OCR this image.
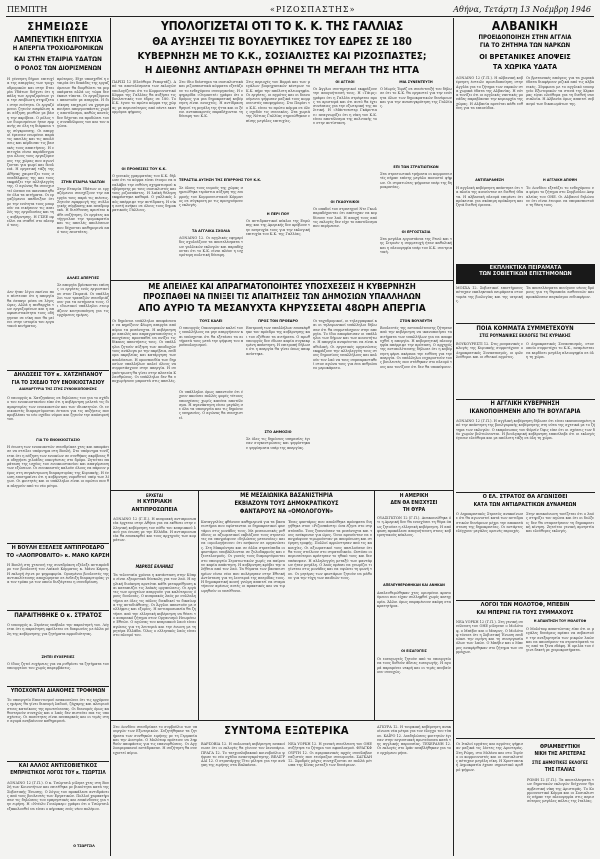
ΠΕΜΠΤΗ	«ΡΙΖΟΣΠΑΣΤΗΣ»	Αθήνα, Τετάρτη 13 Νοέμβρη 1946
ΣΗΜΕΙΩΣΕ
ΛΑΜΠΕΥΤΙΚΗ ΕΠΙΤΥΧΙΑ
Η ΑΠΕΡΓΙΑ ΤΡΟΧΙΟΔΡΟΜΙΚΩΝ
ΚΑΙ ΣΤΗΝ ΕΤΑΙΡΙΑ ΥΔΑΤΩΝ
Ο ΡΟΛΟΣ ΤΩΝ ΔΙΟΡΙΣΜΕΝΩΝ
Η γέννηση δήμου επιτυχία της απεργίας των τροχιοδρομικών και στην Εταιρία Υδάτων δείχνει ότι η πάλη των εργαζομένων για την επιβίωση στηρίζεται στην ενότητα. Οι εργαζόμενοι ζητούν ασφάλιση και αύξηση μισθών με βάση την ακρίβεια. Ο ρόλος των διορισμένων ήταν εμφανής σε όλη τη διάρκεια της σύγκρουσης. Οι απεργοί έμειναν ενωμένοι παρά τις απειλές και τις απολύσεις και κέρδισαν τις βασικές τους απαιτήσεις. Η επιτυχία είναι παράδειγμα για όλους τους εργαζόμενους της χώρας που αγωνίζονται για ψωμί και δουλειά. Η εργατική τάξη της Αθήνας χαιρετίζει τους συναδέλφους της και τους εκφράζει την αλληλεγγύη της. Ο αγώνας θα συνεχιστεί ώσπου να ικανοποιηθούν όλα τα αιτήματα. Οι εργαζόμενοι απέδειξαν ότι με την ενότητα τους μπορούν να νικήσουν τις απειλές της εργοδοσίας και της κυβέρνησης. Η ΓΣΕΕ οφείλει να σταθεί στο πλευρό τους.
πρότερες. Είχε υποσχεθεί η εταιρία ότι δεκάδες της εργαζόμενων θα διορθώσει τα μεροκάματα αλλά ως τώρα δεν έκανε τίποτα. Οι εργαζόμενοι απαντούν με απεργία. Η διοίκηση επιχειρεί να χρησιμοποιήσει απεργοσπάστες χωρίς αποτέλεσμα, καθώς κανείς δεν δέχεται να προδώσει τους συναδέλφους του και τον αγώνα.
ΣΤΗΝ ΕΤΑΙΡΙΑ ΥΔΑΤΩΝ
Στην Εταιρία Υδάτων οι εργαζόμενοι συνεχίζουν την απεργία τους παρά τις πιέσεις. Ζητούν εφαρμογή της συλλογικής σύμβασης και αναδρομικά. Η διεύθυνση αρνείται κάθε συζήτηση. Οι εργάτες κατήγγειλαν την τρομοκρατία και τις απειλές απολύσεων που δέχονται καθημερινά από τους επιστάτες.
ΑΛΛΕΣ ΑΠΕΡΓΙΕΣ
Σε απεργία βρίσκονται επίσης οι εργάτες ενός εργοστασίου στον Πειραιά. Οι υπάλληλοι των τραπεζών συνεδριάζουν για τα αιτήματα τους. Οι ιδιωτικοί υπάλληλοι ετοιμάζουν κινητοποίηση για τις ερχόμενες ημέρες.
Δεν ήταν λίγοι εκείνοι που πίστευαν ότι η απεργία θα έσπαγε μέσα σε λίγες ώρες. Αλλά η πειθαρχία των εργαζομένων και η αποφασιστικότητα τους οδήγησαν σε νίκη που θα μείνει στην ιστορία του εργατικού κινήματος.
ΔΗΛΩΣΕΙΣ ΤΟΥ κ. ΧΑΤΖΗΠΑΝΟΥ
ΓΙΑ ΤΟ ΣΧΕΔΙΟ ΤΟΥ ΕΝΟΙΚΙΟΣΤΑΣΙΟΥ
ΔΙΑΜΑΡΤΥΡΙΑ ΤΗΣ ΣΤΗΣ ΣΥΝΟΙΚΟΠΟΙΗΣΗΣ
Ο υπουργός κ. Χατζηπάνος σε δηλώσεις του για το σχέδιο του ενοικιοστασίου είπε ότι η κυβέρνηση μελετά τις διαμαρτυρίες των ενοικιαστών και των ιδιοκτητών. Οι ενοικιαστές διαμαρτύρονται έντονα για τις αυξήσεις που προβλέπει το νέο σχέδιο νόμου και ζητούν την απόσυρσή του.
ΓΙΑ ΤΟ ΕΝΟΙΚΙΟΣΤΑΣΙΟ
Η ένωση των ενοικιαστών συνεδρίασε χτες και αποφάσισε να στείλει υπόμνημα στη Βουλή. Στο υπόμνημα τονίζεται ότι η αύξηση των ενοικίων σε συνθήκες ακρίβειας θα οδηγήσει χιλιάδες οικογένειες στο δρόμο. Ζητείται παράταση της ισχύος του ενοικιοστασίου και απαγόρευση των εξώσεων. Οι ενοικιαστές καλούν όλους να πάρουν μέρος στη συγκέντρωση διαμαρτυρίας της Κυριακής. Η ένωση επισημαίνει ότι η κυβέρνηση νομοθετεί υπέρ των λίγων. Οι φοιτητές και οι υπάλληλοι είναι οι πρώτοι που θα πληγούν από το νέο μέτρο.
Η ΒΟΥΛΗ ΕΞΕΛΕΞΕ ΑΝΤΙΠΡΟΕΔΡΟ
ΤΟ «ΛΑΟΠΡΟΒΛΙΤΟ» κ. ΜΑΝΟ ΚΑΡΣΗ
Η Βουλή στη χτεσινή της συνεδρίαση εξέλεξε αντιπρόεδρο τον βουλευτή του Λαϊκού Κόμματος κ. Μάνο Κάρση. Η εκλογή έγινε με ψηφοφορία. Ορισμένοι βουλευτές της αντιπολίτευσης αποχώρησαν σε ένδειξη διαμαρτυρίας για τον τρόπο με τον οποίο διεξάγεται η συνεδρίαση.
ΠΑΡΑΙΤΗΘΗΚΕ Ο κ. ΣΤΡΑΤΟΣ
Ο υπουργός κ. Στράτος υπέβαλε την παραίτησή του. Λέγεται ότι η παραίτηση οφείλεται σε διαφωνίες με άλλα μέλη της κυβέρνησης για ζητήματα αρμοδιότητας.
ΖΗΤΕΙ ΕΥΧΕΡΕΙΕΣ
Ο ίδιος ζητεί ευχέρειες για να ρυθμίσει τα ζητήματα του υπουργείου του χωρίς παρεμβάσεις.
ΥΠΟΣΧΟΝΤΑΙ ΔΙΑΝΟΜΕΣ ΤΡΟΦΙΜΩΝ
Το υπουργείο Επισιτισμού ανακοινώνει ότι τις ερχόμενες ημέρες θα γίνει διανομή λαδιού, ζάχαρης και αλευριού στους κατοίκους της πρωτεύουσας. Οι διανομές όμως καθυστερούν συνεχώς και ο λαός δεν πιστεύει πια τις υποσχέσεις. Οι ποσότητες είναι ανεπαρκείς και οι τιμές στην αγορά ανεβαίνουν καθημερινά.
ΚΑΙ ΑΛΛΟΣ ΑΝΤΙΣΟΒΙΕΤΙΚΟΣ
ΕΜΠΡΗΣΤΙΚΟΣ ΛΟΓΟΣ ΤΟΥ κ. ΤΣΩΡΤΣΙΛ
ΛΟΝΔΙΝΟ 12 (Γ.Π.). Ο κ. Τσώρτσιλ μίλησε χτες στη Βουλή των Κοινοτήτων και επιτέθηκε με βιαιότητα κατά της Σοβιετικής Ένωσης. Ο λόγος του προκάλεσε αντιδράσεις από τους βουλευτές των Εργατικών. Πολλοί χαρακτήρισαν τις δηλώσεις του εμπρηστικές και επικίνδυνες για την ειρήνη. Η «Ντέιλυ Γουώρκερ» γράφει ότι ο Τσώρτσιλ εξακολουθεί να είναι ο κήρυκας ενός νέου πολέμου.
Ο ΤΣΩΡΤΣΙΛ
ΥΠΟΛΟΓΙΖΕΤΑΙ ΟΤΙ ΤΟ Κ. Κ. ΤΗΣ ΓΑΛΛΙΑΣ
ΘΑ ΑΥΞΗΣΕΙ ΤΙΣ ΒΟΥΛΕΥΤΙΚΕΣ ΤΟΥ ΕΔΡΕΣ ΣΕ 180
ΚΥΒΕΡΝΗΣΗ ΜΕ ΤΟ Κ.Κ., ΣΟΣΙΑΛΙΣΤΕΣ ΚΑΙ ΡΙΖΟΣΠΑΣΤΕΣ;
Η ΔΙΕΘΝΗΣ ΑΝΤΙΔΡΑΣΗ ΘΡΗΝΕΙ ΤΗ ΜΕΓΑΛΗ ΤΗΣ ΗΤΤΑ
ΠΑΡΙΣΙ 12 (Ελεύθερο Ρεπορτάζ). Από τα αποτελέσματα των εκλογών υπολογίζεται ότι το Κομμουνιστικό Κόμμα της Γαλλίας θα αυξήσει τις βουλευτικές του έδρες σε 180. Το Κ.Κ. έγινε το πρώτο κόμμα της χώρας με περισσότερες από πέντε εκατομμύρια ψήφους.
ΟΙ ΠΡΟΘΕΣΕΙΣ ΤΟΥ Κ.Κ.
Ο γενικός γραμματέας του Κ.Κ. δήλωσε ότι το κόμμα είναι έτοιμο να αναλάβει την ευθύνη σχηματισμού κυβέρνησης με τους σοσιαλιστές και τους ριζοσπάστες. Η λαϊκή θέληση εκφράστηκε καθαρά. Ο γαλλικός λαός απέρριψε την αντίδραση. Η νίκη αυτή ανήκει σε όλους τους δημοκρατικούς Γάλλους.
Στο ίδιο διάστημα τα σοσιαλιστικά και ριζοσπαστικά κόμματα εξετάζουν το ενδεχόμενο συνεργασίας. Η εφημερίδα «Ουμανιτέ» γράφει ότι ο δρόμος για μια δημοκρατική κυβέρνηση είναι ανοιχτός. Η αντίδραση θρηνεί τη μεγάλη της ήττα και οι ξένοι ανταποκριτές παραδέχονται τη δύναμη του Κ.Κ.
ΤΕΡΑΣΤΙΑ ΑΥΞΗΣΗ ΤΗΣ ΕΠΙΡΡΟΗΣ ΤΟΥ Κ.Κ.
Σε όλους τους νομούς της χώρας σημειώθηκε τεράστια αύξηση της επιρροής του Κομμουνιστικού Κόμματος σε σύγκριση με τις προηγούμενες εκλογές.
ΤΑ ΑΓΓΛΙΚΑ ΣΧΟΛΙΑ
ΛΟΝΔΙΝΟ 12. Οι αγγλικές εφημερίδες σχολιάζουν τα αποτελέσματα των γαλλικών εκλογών και παραδέχονται ότι το Κ.Κ. είναι πλέον η ισχυρότερη πολιτική δύναμη.
Στις περιοχές του Βορρά και των μεγάλων βιομηχανικών κέντρων το Κ.Κ. πήρε την απόλυτη πλειοψηφία. Οι εργάτες, οι αγρότες και οι διανοούμενοι ψήφισαν μαζικά τους κομμουνιστές υποψηφίους. Στο Παρίσι το Κ.Κ. είναι το πρώτο κόμμα σε όλες σχεδόν τις συνοικίες. Στα χωριά της Νότιας Γαλλίας σημειώθηκαν επίσης μεγάλες επιτυχίες.
Η ΠΕΡΙ ΠΟΥ
Οι αντιδραστικοί κύκλοι της Ευρώπης και της Αμερικής δεν κρύβουν την ανησυχία τους για την εκλογική επιτυχία του Κ.Κ. της Γαλλίας.
ΟΙ ΑΓΓΛΟΙ
Οι Άγγλοι συντηρητικοί εκφράζουν την απογοήτευσή τους. Η «Τάιμς» γράφει ότι η Γαλλία στρέφεται προς τα αριστερά και ότι αυτό θα έχει συνέπειες για την εξωτερική της πολιτική. Η «Μάντσεστερ Γκάρντιαν» αναγνωρίζει ότι η νίκη του Κ.Κ. είναι αποτέλεσμα της πολιτικής του στην αντίσταση.
ΟΙ ΓΚΑΟΥΛΙΚΟΙ
Οι οπαδοί του στρατηγού Ντε Γκωλ παραδέχονται ότι απέτυχαν να κερδίσουν τον λαό. Η αποχή τους από τις εκλογές δεν είχε το αποτέλεσμα που περίμεναν.
ΜΙΑ ΣΥΝΕΝΤΕΥΞΗ
Ο Μωρίς Τορέζ σε συνέντευξή του δήλωσε ότι το Κ.Κ. θα εργαστεί για την ενότητα όλων των δημοκρατικών δυνάμεων και για την ανασυγκρότηση της Γαλλίας.
ΕΠΙ ΤΩΝ ΣΤΡΑΤΙΩΤΙΚΩΝ
Στα στρατιωτικά τμήματα οι κομμουνιστές πήραν επίσης μεγάλο ποσοστό ψήφων. Οι στρατιώτες ψήφισαν υπέρ της δημοκρατίας.
ΟΙ ΕΡΓΟΣΤΑΣΙΑ
Στα μεγάλα εργοστάσια της Ρενώ και της Σιτροέν η συμμετοχή ήταν καθολική και η πλειοψηφία υπέρ του Κ.Κ. συντριπτική.
ΜΕ ΑΠΕΙΛΕΣ ΚΑΙ ΑΠΡΑΓΜΑΤΟΠΟΙΗΤΕΣ ΥΠΟΣΧΕΣΕΙΣ Η ΚΥΒΕΡΝΗΣΗ
ΠΡΟΣΠΑΘΕΙ ΝΑ ΠΝΙΞΕΙ ΤΙΣ ΑΠΑΙΤΗΣΕΙΣ ΤΩΝ ΔΗΜΟΣΙΩΝ ΥΠΑΛΛΗΛΩΝ
ΑΠΟ ΑΥΡΙΟ ΤΑ ΜΕΣΑΝΥΧΤΑ ΚΗΡΥΣΣΕΤΑΙ 48ΩΡΗ ΑΠΕΡΓΙΑ
Οι δημόσιοι υπάλληλοι αποφάσισαν να κηρύξουν 48ωρη απεργία από αύριο τα μεσάνυχτα. Η κυβέρνηση με απειλές και απραγματοποίητες υποσχέσεις προσπαθεί να πνίξει τις δίκαιες απαιτήσεις τους. Οι υπάλληλοι ζητούν αύξηση των αποδοχών τους ανάλογα με την ακρίβεια, επίδομα ακριβείας και κατάργηση των απολύσεων. Η ομοσπονδία των δημοσίων υπαλλήλων καλεί όλους να συμμετάσχουν στην απεργία. Η συγκέντρωση θα γίνει στην πλατεία Κλαυθμώνος. Οι υπάλληλοι δεν θα υποχωρήσουν μπροστά στις απειλές.
ΤΟΥΣ ΚΑΛΕΙ
Ο υπουργός Οικονομικών καλεί τους υπαλλήλους να μην απεργήσουν και υπόσχεται ότι θα εξετάσει τα αιτήματά τους μετά την ψήφιση του προϋπολογισμού.
Οι υπάλληλοι όμως απαντούν ότι έχουν ακούσει πολλές φορές τέτοιες υποσχέσεις χωρίς κανένα αποτέλεσμα. Η αγανάκτηση είναι μεγάλη σε όλα τα υπουργεία και τις δημόσιες υπηρεσίες. Ο αγώνας θα συνεχιστεί.
ΠΡΟΣ ΤΟΝ ΠΡΟΕΔΡΟ
Επιτροπή των υπαλλήλων επισκέφθηκε τον πρόεδρο της κυβέρνησης και του εξέθεσε τα αιτήματα. Ο πρωθυπουργός δεν έδωσε καμία συγκεκριμένη απάντηση. Η επιτροπή δήλωσε ότι η απεργία θα γίνει όπως αποφασίστηκε.
ΣΤΟ ΔΗΜΟΣΙΟ
Σε όλες τις δημόσιες υπηρεσίες έγιναν συγκεντρώσεις και ψηφίστηκαν ψηφίσματα υπέρ της απεργίας.
Οι ταχυδρομικοί, οι τηλεγραφικοί και οι τηλεφωνικοί υπάλληλοι δήλωσαν ότι θα συμμετάσχουν στην απεργία. Το ίδιο αποφάσισαν οι υπάλληλοι των δήμων και των κοινοτήτων. Η απεργία αναμένεται να είναι καθολική. Οι εργατικές οργανώσεις εκφράζουν την αλληλεγγύη τους στους δημοσίους υπαλλήλους και καλούν τον λαό να τους συμπαρασταθεί στον αγώνα τους για ένα ανθρώπινο μεροκάματο.
ΣΤΟΝ ΒΟΥΛΕΥΤΗ
Βουλευτές της αντιπολίτευσης ζήτησαν από την κυβέρνηση να ικανοποιήσει τα αιτήματα των υπαλλήλων για να αποφευχθεί η απεργία. Η κυβερνητική πλειοψηφία απέρριψε την πρόταση. Ο αρχηγός της αντιπολίτευσης δήλωσε ότι η κυβέρνηση φέρει ακέραια την ευθύνη για την απεργία. Οι υπάλληλοι ευχαριστούν τους βουλευτές που στάθηκαν στο πλευρό τους και τονίζουν ότι δεν θα υποκύψουν.
ΕΡΧΕΤΑΙ
Η ΚΥΠΡΙΑΚΗ
ΑΝΤΙΠΡΟΣΩΠΕΙΑ
ΛΟΝΔΙΝΟ 12 (Γ.Π.). Η κυπριακή αντιπροσωπεία έρχεται στην Αθήνα για να εκθέσει στην ελληνική κυβέρνηση τον πόθο του κυπριακού λαού για ένωση με την Ελλάδα. Η αντιπροσωπεία θα επισκεφθεί και τους αρχηγούς των κομμάτων.
ΜΑΡΚΟΣ ΕΛΛΗΝΑΣ
Τα τελευταία χρόνια η κατάσταση στην Κύπρο είναι εξαιρετικά δύσκολη για τον λαό. Η αγγλική διοίκηση αρνείται κάθε μεταρρύθμιση και καταπιέζει τις λαϊκές οργανώσεις. Οι εργάτες των ορυχείων απεργούν για καλύτερους όρους δουλειάς. Ο κυπριακός λαός με συλλαλητήρια σε όλες τις πόλεις διεκδικεί το δικαίωμα της αυτοδιάθεσης. Οι Άγγλοι απαντούν με συλλήψεις και εξορίες. Η αντιπροσωπεία θα ζητήσει από την ελληνική κυβέρνηση να θέσει το κυπριακό ζήτημα στον Οργανισμό Ηνωμένων Εθνών. Ο αγώνας του κυπριακού λαού είναι αγώνας για τη λευτεριά και την ένωση με τη μητέρα Ελλάδα. Όλος ο ελληνικός λαός είναι στο πλευρό του.
ΜΕ ΜΕΣΑΙΩΝΙΚΑ ΒΑΣΑΝΙΣΤΗΡΙΑ
ΕΚΒΙΑΖΟΥΝ ΤΟΥΣ ΔΗΜΟΚΡΑΤΙΚΟΥΣ
ΦΑΝΤΑΡΟΥΣ ΝΑ «ΟΜΟΛΟΓΟΥΝ»
Καταγγελίες φθάνουν καθημερινά για τα βασανιστήρια που υφίστανται οι δημοκρατικοί φαντάροι στις μονάδες τους. Με μεσαιωνικές μεθόδους οι αξιωματικοί εκβιάζουν τους στρατιώτες να υπογράψουν «δηλώσεις μετανοίας» και να «ομολογήσουν» ότι ανήκουν σε οργανώσεις. Στη Μακρόνησο και σε άλλα στρατόπεδα οι φαντάροι υποβάλλονται σε ξυλοδαρμούς και εξευτελισμούς. Οι γονείς τους διαμαρτύρονται στο υπουργείο Στρατιωτικών χωρίς να παίρνουν καμία απάντηση. Η κυβέρνηση κρύβει την αλήθεια από τον λαό. Τα θύματα των βασανιστηρίων είναι νέοι που πολέμησαν στην Εθνική Αντίσταση για τη λευτεριά της πατρίδας τους. Η δημοκρατική κοινή γνώμη απαιτεί να σταματήσουν αμέσως αυτές οι πρακτικές και να τιμωρηθούν οι υπεύθυνοι.
Ένας φαντάρος που απολύθηκε πρόσφατα διηγήθηκε στον «Ριζοσπάστη» όσα έζησε στο στρατόπεδο. Τους ξυπνούσαν τα μεσάνυχτα και τους ανέκριναν για ώρες. Όσοι αρνούνταν να υπογράψουν τιμωρούνταν με απομόνωση και στέρηση τροφής. Πολλοί αρρώστησαν από τις κακουχίες. Οι αξιωματικοί τους απειλούσαν ότι θα τους στείλουν στο στρατοδικείο. Ωστόσο οι περισσότεροι κράτησαν το ηθικό τους και δεν υπέκυψαν. Η αλληλεγγύη μεταξύ των φαντάρων ήταν μεγάλη. Ο λαός πρέπει να γνωρίζει τι γίνεται στις μονάδες και να υψώσει τη φωνή του. Οι μητέρες των φαντάρων ζητούν να μάθουν για την τύχη των παιδιών τους.
Η ΑΜΕΡΙΚΗ
ΔΕΝ ΘΑ ΕΝΙΣΧΥΣΕΙ
ΤΗ ΘΥΡΑ
ΟΥΑΣΙΓΚΤΩΝ 12 (Γ.Π.). Ανακοινώθηκε ότι η Αμερική δεν θα ενισχύσει τη θύρα όπως ζητούσε η ελληνική κυβέρνηση. Η απόφαση προκάλεσε απογοήτευση στους κυβερνητικούς κύκλους.
ΑΠΕΛΕΥΘΕΡΩΘΗΚΑΝ ΚΑΙ ΑΝΗΚΑΝ
Απελευθερώθηκαν χτες ορισμένοι κρατούμενοι που είχαν συλληφθεί χωρίς κατηγορία. Άλλοι όμως παραμένουν ακόμη στα κρατητήρια.
ΟΙ ΕΙΣΑΓΟΓΕΙΣ
Οι εισαγωγείς ζητούν από το υπουργείο να τους δοθούν άδειες εισαγωγής. Η αγορά παραμένει νεκρή και οι τιμές ανεβαίνουν συνεχώς.
ΣΥΝΤΟΜΑ ΕΞΩΤΕΡΙΚΑ
Στο Λονδίνο συνεδρίασε το συμβούλιο των υπουργών των Εξωτερικών. Συζητήθηκαν τα ζητήματα των συνθηκών ειρήνης με τη Γερμανία και την Αυστρία. Ο Μολότοφ πρότεινε να ληφθούν αποφάσεις για τις επανορθώσεις. Οι Αγγλοαμερικανοί αντέδρασαν. Η συζήτηση θα συνεχιστεί αύριο.
ΒΑΡΣΟΒΙΑ 12. Η πολωνική κυβέρνηση ανακοίνωσε ότι οι εκλογές θα γίνουν τον Ιανουάριο. ΠΡΑΓΑ 12. Το τσεχοσλοβακικό κοινοβούλιο ψήφισε το νέο σχέδιο ανασυγκρότησης. ΒΕΛΙΓΡΑΔΙ 12. Ο στρατάρχης Τίτο μίλησε για την ανάγκη της ειρήνης στα Βαλκάνια.
ΝΕΑ ΥΟΡΚΗ 12. Η γενική συνέλευση του ΟΗΕ συζήτησε το ζήτημα του αφοπλισμού. ΦΡΑΓΚΦΟΥΡΤΗ 12. Οι αμερικανικές αρχές συνέλαβαν ναζιστές που ετοίμαζαν συνωμοσία. ΣΑΓΚΑΗ 12. Σφοδρές μάχες συνεχίζονται σε πολλά μέτωπα της Κίνας μεταξύ των δυνάμεων.
ΑΓΚΥΡΑ 12. Η τουρκική κυβέρνηση ανακοίνωσε νέα μέτρα για τον έλεγχο του τύπου. ΚΑΪΡΟ 12. Διαδηλώσεις φοιτητών έγιναν στην αιγυπτιακή πρωτεύουσα κατά της αγγλικής παρουσίας. ΤΕΧΕΡΑΝΗ 12. Οι εκλογές στο Ιράν αναβλήθηκαν για τον ερχόμενο μήνα.
ΑΛΒΑΝΙΚΗ
ΠΡΟΕΙΔΟΠΟΙΗΣΗ ΣΤΗΝ ΑΓΓΛΙΑ
ΓΙΑ ΤΟ ΖΗΤΗΜΑ ΤΩΝ ΝΑΡΚΩΝ
ΟΙ ΒΡΕΤΑΝΙΚΕΣ ΑΠΟΨΕΙΣ
ΤΑ ΧΩΡΙΚΑ ΥΔΑΤΑ
ΛΟΝΔΙΝΟ 12 (Γ.Π.). Η αλβανική κυβέρνηση έστειλε προειδοποίηση στην Αγγλία για το ζήτημα των ναρκών στα χωρικά ύδατα της Αλβανίας. Η νότα τονίζει ότι οι αγγλικές ναυτικές μονάδες παραβίασαν την κυριαρχία της χώρας. Η Αλβανία αρνείται κάθε ευθύνη για τα επεισόδια.
ΑΝΤΙΠΑΡΑΘΕΣΗ
Η αγγλική κυβέρνηση απάντησε ότι τα πλοία της κινούνταν σε διεθνή ύδατα. Η αλβανική πλευρά επιμένει ότι πρόκειται για σκόπιμη πρόκληση και ζητά διεθνή έρευνα.
Οι βρετανικές απόψεις για τα χωρικά ύδατα διαφέρουν ριζικά από τις αλβανικές. Σύμφωνα με το αγγλικό υπουργείο Εξωτερικών τα στενά της Κέρκυρας είναι ελεύθερα για τη διεθνή ναυσιπλοΐα. Η Αλβανία όμως απαιτεί σεβασμό των δικαιωμάτων της.
Η ΑΓΓΛΙΚΗ ΑΠΟΨΗ
Το Λονδίνο εξετάζει το ενδεχόμενο να φέρει το ζήτημα στο Συμβούλιο Ασφαλείας του ΟΗΕ. Οι Αλβανοί δηλώνουν ότι είναι έτοιμοι να υπερασπιστούν τη θέση τους.
ΕΚΠΛΗΚΤΙΚΑ ΠΕΙΡΑΜΑΤΑ
ΤΩΝ ΣΟΒΙΕΤΙΚΩΝ ΕΠΙΣΤΗΜΟΝΩΝ
ΜΟΣΧΑ 12. Σοβιετικοί επιστήμονες πέτυχαν εκπληκτικά πειράματα στον τομέα της βιολογίας και της ιατρικής.
Τα αποτελέσματα ανοίγουν νέους δρόμους για τη θεραπεία ασθενειών και προκάλεσαν παγκόσμιο ενδιαφέρον.
ΠΟΙΑ ΚΟΜΜΑΤΑ ΣΥΜΜΕΤΕΧΟΥΝ
ΣΤΙΣ ΡΟΥΜΑΝΙΚΕΣ ΕΚΛΟΓΕΣ ΤΗΣ ΚΥΡΙΑΚΗΣ
ΒΟΥΚΟΥΡΕΣΤΙ 12. Στις ρουμανικές εκλογές της Κυριακής συμμετέχουν ο Δημοκρατικός Συνασπισμός, οι φιλελεύθεροι και οι εθνικοί αγρότες.
Ο Δημοκρατικός Συνασπισμός, στον οποίο συμμετέχει το Κ.Κ., αναμένεται να κερδίσει μεγάλη πλειοψηφία σε όλη τη χώρα.
Η ΑΓΓΛΙΚΗ ΚΥΒΕΡΝΗΣΗ
ΙΚΑΝΟΠΟΙΗΜΕΝΗ ΑΠΟ ΤΗ ΒΟΥΛΓΑΡΙΑ
ΛΟΝΔΙΝΟ 12 (Γ.Π.). Η αγγλική κυβέρνηση δήλωσε ότι είναι ικανοποιημένη από την απάντηση της βουλγαρικής κυβέρνησης στη νότα της σχετικά με το ζήτημα των εκλογών. Ο εκπρόσωπος του Φόρεϊν Όφις είπε ότι οι σχέσεις των δύο χωρών βελτιώνονται. Η βουλγαρική κυβέρνηση επανέλαβε ότι οι εκλογές έγιναν ελεύθερα και με απόλυτη τάξη σε όλη τη χώρα.
Ο ΕΛ. ΣΤΡΑΤΟΣ ΘΑ ΑΓΩΝΙΣΘΕΙ
ΚΑΤΑ ΤΩΝ ΑΝΤΙΔΡΑΣΤΙΚΩΝ ΔΥΝΑΜΕΩΝ
Ο Δημοκρατικός Στρατός ανακοίνωσε ότι θα αγωνιστεί κατά των αντιδραστικών δυνάμεων μέχρι την αποκατάσταση της δημοκρατίας. Οι αντάρτες ελέγχουν μεγάλες ορεινές περιοχές.
Στην ανακοίνωση τονίζεται ότι ο λαός στηρίζει τον αγώνα και ότι οι διώξεις δεν θα σταματήσουν τη δημοκρατική κίνηση. Ζητείται γενική αμνηστία και ελεύθερες εκλογές.
ΛΟΓΟΙ ΤΩΝ ΜΟΛΟΤΟΦ, ΜΠΕΒΙΝ
ΚΑΙ ΜΠΕΡΝΣ ΓΙΑ ΤΟΥΣ ΣΥΜΜΑΧΟΥΣ
ΝΕΑ ΥΟΡΚΗ 12 (Γ.Π.). Στη γενική συνέλευση του ΟΗΕ μίλησαν ο Μολότοφ, ο Μπέβιν και ο Μπερνς. Ο Μολότοφ τόνισε ότι η Σοβιετική Ένωση επιδιώκει την ειρήνη και τη συνεργασία όλων των λαών. Ο Μπέβιν και ο Μπερνς αναφέρθηκαν στο ζήτημα των συμμάχων.
Η ΑΠΑΝΤΗΣΗ ΤΟΥ ΜΟΛΟΤΟΦ
Ο Μολότοφ απαντώντας είπε ότι οι μεγάλες δυνάμεις πρέπει να σεβαστούν την ανεξαρτησία των μικρών λαών και να αποσύρουν τα στρατεύματά τους από τα ξένα εδάφη. Η ομιλία του έγινε δεκτή με χειροκροτήματα.
Οι Ιταλοί εργάτες και αγρότες ψήφισαν μαζικά τις λίστες της Αριστεράς. Στη Ρώμη, στο Μιλάνο και στο Τορίνο οι κομμουνιστές και οι σοσιαλιστές πέτυχαν μεγάλη νίκη. Η Χριστιανική Δημοκρατία έχασε σημαντικό αριθμό ψήφων.
ΘΡΙΑΜΒΕΥΤΙΚΗ
ΝΙΚΗ ΤΗΣ ΑΡΙΣΤΕΡΑΣ
ΣΤΙΣ ΔΗΜΟΤΙΚΕΣ ΕΚΛΟΓΕΣ
ΤΗΣ ΙΤΑΛΙΑΣ
ΡΩΜΗ 12 (Γ.Π.). Τα αποτελέσματα των δημοτικών εκλογών δείχνουν θριαμβευτική νίκη της Αριστεράς. Το Κομμουνιστικό Κόμμα και οι Σοσιαλιστές πήραν την πλειοψηφία στις περισσότερες μεγάλες πόλεις της Ιταλίας.
